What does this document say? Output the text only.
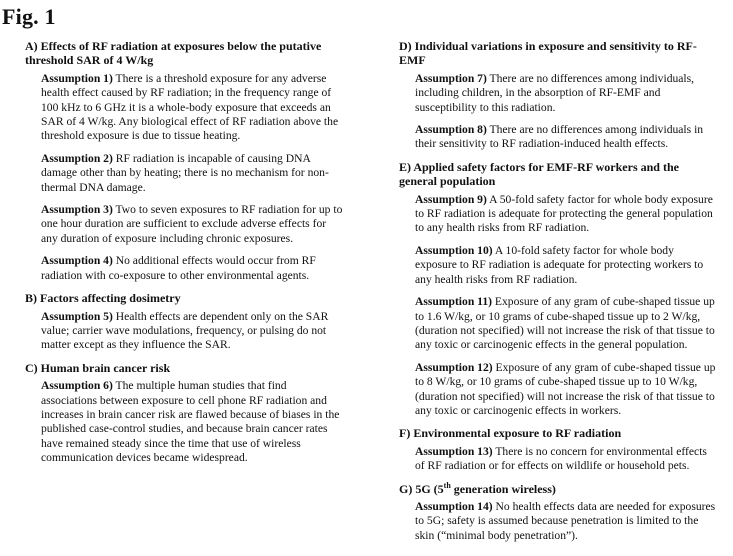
Fig. 1
A) Effects of RF radiation at exposures below the putative threshold SAR of 4 W/kg
Assumption 1) There is a threshold exposure for any adverse health effect caused by RF radiation; in the frequency range of 100 kHz to 6 GHz it is a whole-body exposure that exceeds an SAR of 4 W/kg. Any biological effect of RF radiation above the threshold exposure is due to tissue heating.
Assumption 2) RF radiation is incapable of causing DNA damage other than by heating; there is no mechanism for non-thermal DNA damage.
Assumption 3) Two to seven exposures to RF radiation for up to one hour duration are sufficient to exclude adverse effects for any duration of exposure including chronic exposures.
Assumption 4) No additional effects would occur from RF radiation with co-exposure to other environmental agents.
B) Factors affecting dosimetry
Assumption 5) Health effects are dependent only on the SAR value; carrier wave modulations, frequency, or pulsing do not matter except as they influence the SAR.
C) Human brain cancer risk
Assumption 6) The multiple human studies that find associations between exposure to cell phone RF radiation and increases in brain cancer risk are flawed because of biases in the published case-control studies, and because brain cancer rates have remained steady since the time that use of wireless communication devices became widespread.
D) Individual variations in exposure and sensitivity to RF-EMF
Assumption 7) There are no differences among individuals, including children, in the absorption of RF-EMF and susceptibility to this radiation.
Assumption 8) There are no differences among individuals in their sensitivity to RF radiation-induced health effects.
E) Applied safety factors for EMF-RF workers and the general population
Assumption 9) A 50-fold safety factor for whole body exposure to RF radiation is adequate for protecting the general population to any health risks from RF radiation.
Assumption 10) A 10-fold safety factor for whole body exposure to RF radiation is adequate for protecting workers to any health risks from RF radiation.
Assumption 11) Exposure of any gram of cube-shaped tissue up to 1.6 W/kg, or 10 grams of cube-shaped tissue up to 2 W/kg, (duration not specified) will not increase the risk of that tissue to any toxic or carcinogenic effects in the general population.
Assumption 12) Exposure of any gram of cube-shaped tissue up to 8 W/kg, or 10 grams of cube-shaped tissue up to 10 W/kg, (duration not specified) will not increase the risk of that tissue to any toxic or carcinogenic effects in workers.
F) Environmental exposure to RF radiation
Assumption 13) There is no concern for environmental effects of RF radiation or for effects on wildlife or household pets.
G) 5G (5th generation wireless)
Assumption 14) No health effects data are needed for exposures to 5G; safety is assumed because penetration is limited to the skin (“minimal body penetration”).
